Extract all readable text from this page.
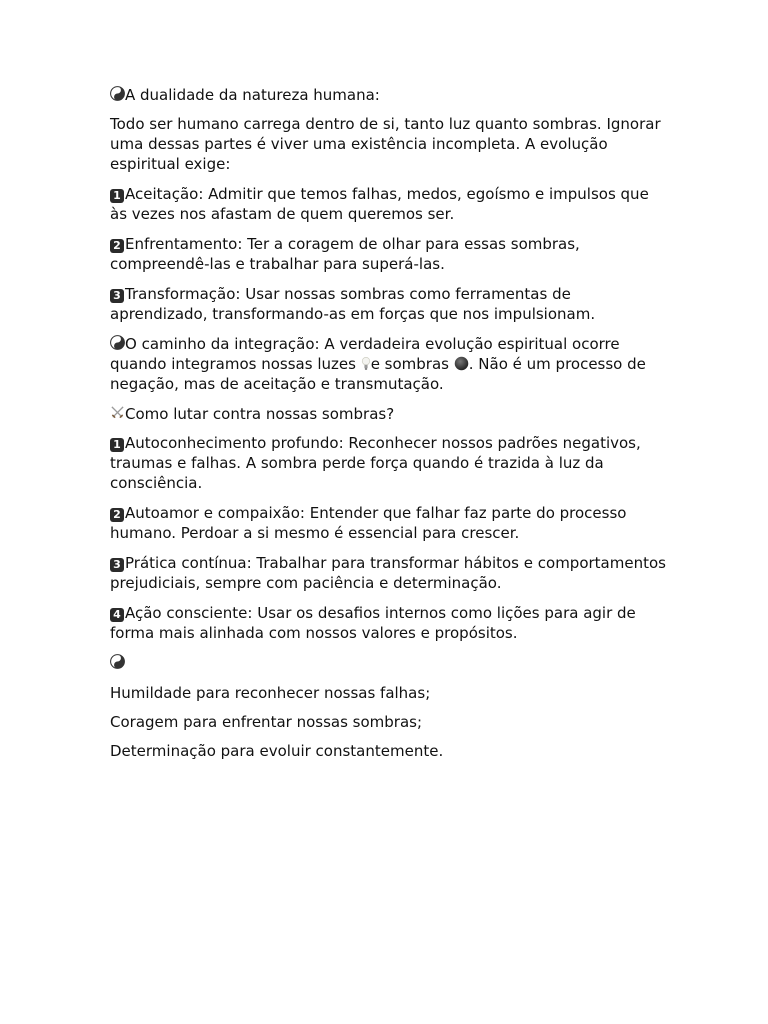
A dualidade da natureza humana:

Todo ser humano carrega dentro de si, tanto luz quanto sombras. Ignorar uma dessas partes é viver uma existência incompleta. A evolução espiritual exige:

1 Aceitação: Admitir que temos falhas, medos, egoísmo e impulsos que às vezes nos afastam de quem queremos ser.

2 Enfrentamento: Ter a coragem de olhar para essas sombras, compreendê-las e trabalhar para superá-las.

3 Transformação: Usar nossas sombras como ferramentas de aprendizado, transformando-as em forças que nos impulsionam.

O caminho da integração: A verdadeira evolução espiritual ocorre quando integramos nossas luzes e sombras . Não é um processo de negação, mas de aceitação e transmutação.

Como lutar contra nossas sombras?

1 Autoconhecimento profundo: Reconhecer nossos padrões negativos, traumas e falhas. A sombra perde força quando é trazida à luz da consciência.

2 Autoamor e compaixão: Entender que falhar faz parte do processo humano. Perdoar a si mesmo é essencial para crescer.

3 Prática contínua: Trabalhar para transformar hábitos e comportamentos prejudiciais, sempre com paciência e determinação.

4 Ação consciente: Usar os desafios internos como lições para agir de forma mais alinhada com nossos valores e propósitos.

Humildade para reconhecer nossas falhas;

Coragem para enfrentar nossas sombras;

Determinação para evoluir constantemente.
